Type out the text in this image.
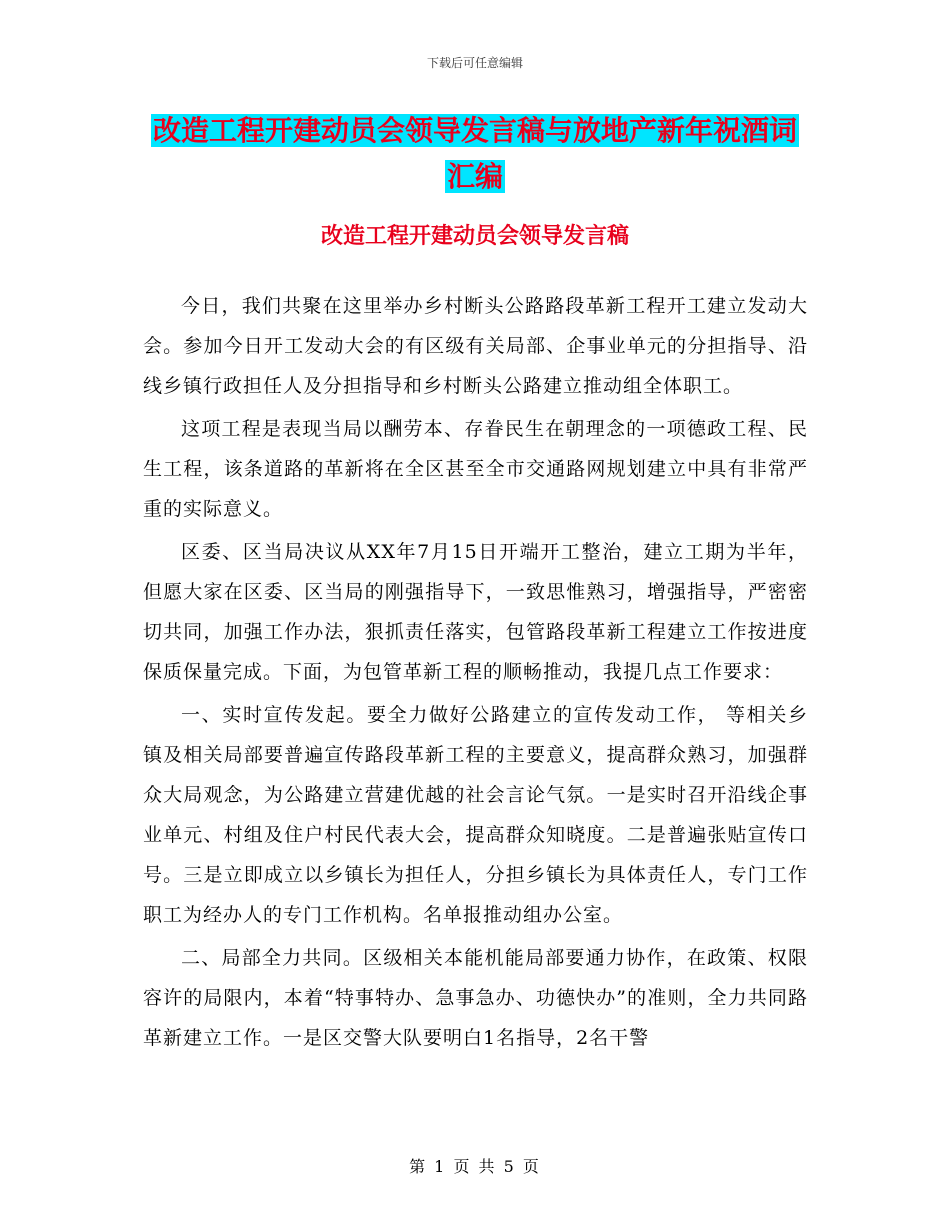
下载后可任意编辑
改造工程开建动员会领导发言稿与放地产新年祝酒词
汇编
改造工程开建动员会领导发言稿

今日，我们共聚在这里举办乡村断头公路路段革新工程开工建立发动大会。参加今日开工发动大会的有区级有关局部、企事业单元的分担指导、沿线乡镇行政担任人及分担指导和乡村断头公路建立推动组全体职工。

这项工程是表现当局以酬劳本、存眷民生在朝理念的一项德政工程、民生工程，该条道路的革新将在全区甚至全市交通路网规划建立中具有非常严重的实际意义。

区委、区当局决议从XX年7月15日开端开工整治，建立工期为半年，但愿大家在区委、区当局的刚强指导下，一致思惟熟习，增强指导，严密密切共同，加强工作办法，狠抓责任落实，包管路段革新工程建立工作按进度保质保量完成。下面，为包管革新工程的顺畅推动，我提几点工作要求：

一、实时宣传发起。要全力做好公路建立的宣传发动工作， 等相关乡镇及相关局部要普遍宣传路段革新工程的主要意义，提高群众熟习，加强群众大局观念，为公路建立营建优越的社会言论气氛。一是实时召开沿线企事业单元、村组及住户村民代表大会，提高群众知晓度。二是普遍张贴宣传口号。三是立即成立以乡镇长为担任人，分担乡镇长为具体责任人，专门工作职工为经办人的专门工作机构。名单报推动组办公室。

二、局部全力共同。区级相关本能机能局部要通力协作，在政策、权限容许的局限内，本着“特事特办、急事急办、功德快办”的准则，全力共同路革新建立工作。一是区交警大队要明白1名指导，2名干警

第 1 页 共 5 页
